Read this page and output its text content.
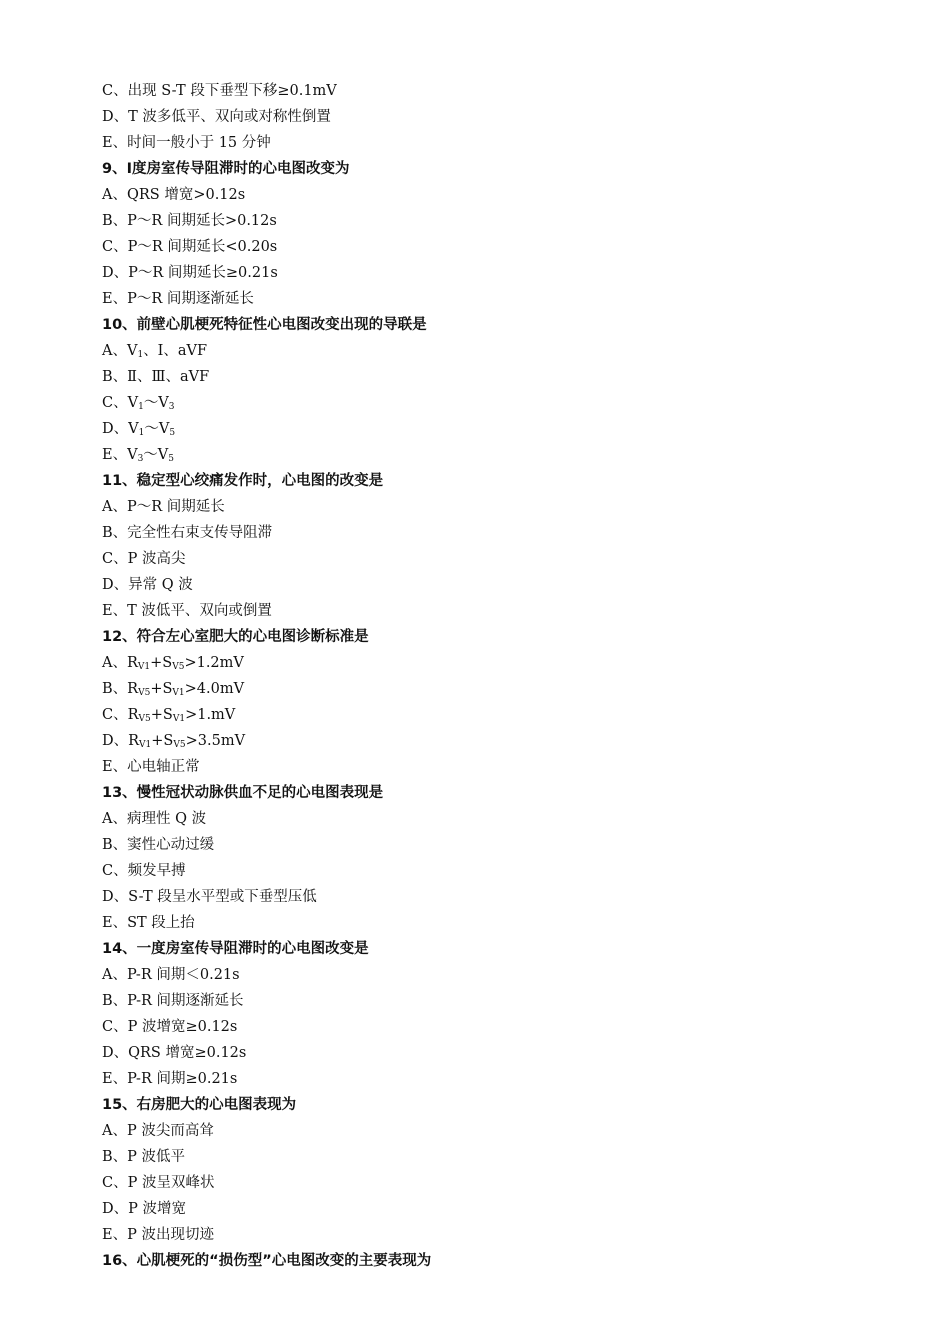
C、出现 S-T 段下垂型下移≥0.1mV
D、T 波多低平、双向或对称性倒置
E、时间一般小于 15 分钟
9、Ⅰ度房室传导阻滞时的心电图改变为
A、QRS 增宽>0.12s
B、P～R 间期延长>0.12s
C、P～R 间期延长<0.20s
D、P～R 间期延长≥0.21s
E、P～R 间期逐渐延长
10、前壁心肌梗死特征性心电图改变出现的导联是
A、$V_1$、Ⅰ、aVF
B、Ⅱ、Ⅲ、aVF
C、$V_1\sim V_3$
D、$V_1\sim V_5$
E、$V_3\sim V_5$
11、稳定型心绞痛发作时，心电图的改变是
A、P～R 间期延长
B、完全性右束支传导阻滞
C、P 波高尖
D、异常 Q 波
E、T 波低平、双向或倒置
12、符合左心室肥大的心电图诊断标准是
A、$R_{V1}+S_{V5}>1.2mV$
B、$R_{V5}+S_{V1}>4.0mV$
C、$R_{V5}+S_{V1}>1.mV$
D、$R_{V1}+S_{V5}>3.5mV$
E、心电轴正常
13、慢性冠状动脉供血不足的心电图表现是
A、病理性 Q 波
B、窦性心动过缓
C、频发早搏
D、S-T 段呈水平型或下垂型压低
E、ST 段上抬
14、一度房室传导阻滞时的心电图改变是
A、P-R 间期＜0.21s
B、P-R 间期逐渐延长
C、P 波增宽≥0.12s
D、QRS 增宽≥0.12s
E、P-R 间期≥0.21s
15、右房肥大的心电图表现为
A、P 波尖而高耸
B、P 波低平
C、P 波呈双峰状
D、P 波增宽
E、P 波出现切迹
16、心肌梗死的“损伤型”心电图改变的主要表现为
